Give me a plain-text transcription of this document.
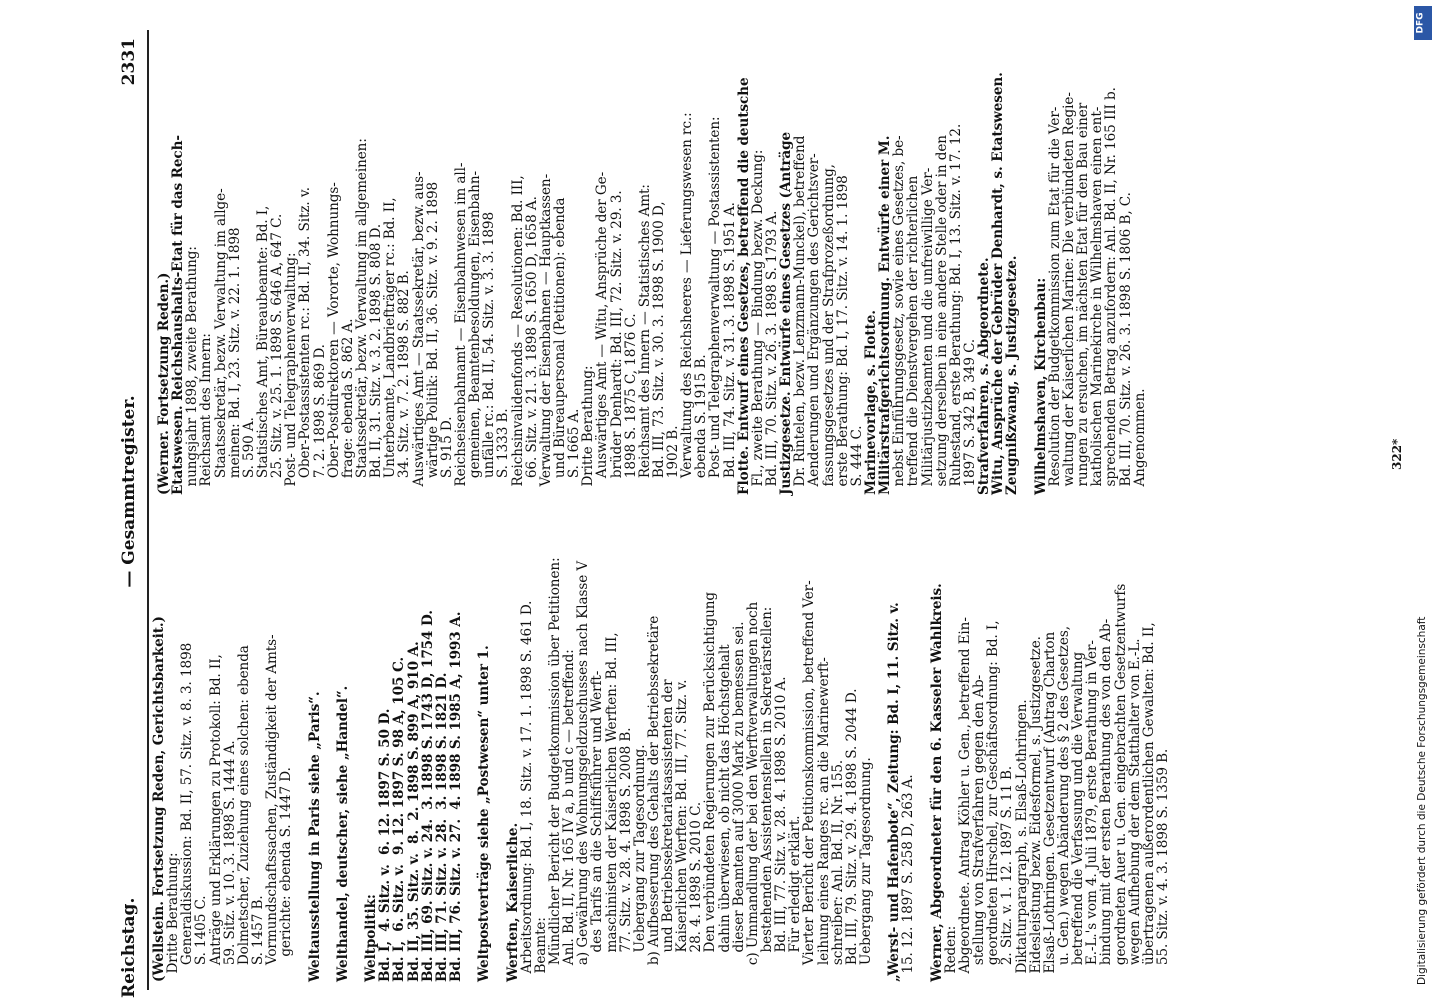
Reichstag.
— Gesammtregister.
2331
(Wellstein. Fortsetzung Reden, Gerichtsbarkeit.)
Dritte Berathung:
Generaldiskussion: Bd. II, 57. Sitz. v. 8. 3. 1898
S. 1405 C.
Anträge und Erklärungen zu Protokoll: Bd. II,
59. Sitz. v. 10. 3. 1898 S. 1444 A.
Dolmetscher, Zuziehung eines solchen: ebenda
S. 1457 B.
Vormundschaftssachen, Zuständigkeit der Amts-
gerichte: ebenda S. 1447 D. Weltausstellung in Paris siehe „Paris“. Welthandel, deutscher, siehe „Handel“. Weltpolitik:
Bd. I,  4. Sitz. v.  6. 12. 1897 S. 50 D.
Bd. I,  6. Sitz. v.  9. 12. 1897 S. 98 A, 105 C.
Bd. II, 35. Sitz. v.  8.  2. 1898 S. 899 A, 910 A.
Bd. III, 69. Sitz. v. 24.  3. 1898 S. 1743 D, 1754 D.
Bd. III, 71. Sitz. v. 28.  3. 1898 S. 1821 D.
Bd. III, 76. Sitz. v. 27.  4. 1898 S. 1985 A, 1993 A. Weltpostverträge siehe „Postwesen“ unter 1. Werften, Kaiserliche.
Arbeitsordnung: Bd. I, 18. Sitz. v. 17. 1. 1898 S. 461 D.
Beamte:
Mündlicher Bericht der Budgetkommission über Petitionen:
Anl. Bd. II, Nr. 165 IV a, b und c — betreffend:
a) Gewährung des Wohnungsgeldzuschusses nach Klasse V
des Tarifs an die Schiffsführer und Werft-
maschinisten der Kaiserlichen Werften: Bd. III,
77. Sitz. v. 28. 4. 1898 S. 2008 B.
Uebergang zur Tagesordnung.
b) Aufbesserung des Gehalts der Betriebssekretäre
und Betriebssekretariatsassistenten der
Kaiserlichen Werften: Bd. III, 77. Sitz. v.
28. 4. 1898 S. 2010 C.
Den verbündeten Regierungen zur Berücksichtigung
dahin überwiesen, ob nicht das Höchstgehalt
dieser Beamten auf 3000 Mark zu bemessen sei.
c) Ummandlung der bei den Werftverwaltungen noch
bestehenden Assistentenstellen in Sekretärstellen:
Bd. III, 77. Sitz. v. 28. 4. 1898 S. 2010 A.
Für erledigt erklärt.
Vierter Bericht der Petitionskommission, betreffend Ver-
leihung eines Ranges rc. an die Marinewerft-
schreiber: Anl. Bd. II, Nr. 155.
Bd. III, 79. Sitz. v. 29. 4. 1898 S. 2044 D.
Uebergang zur Tagesordnung. „Werst- und Hafenbote“, Zeitung: Bd. I, 11. Sitz. v.
15. 12. 1897 S. 258 D, 263 A. Werner, Abgeordneter für den 6. Kasseler Wahlkreis.
Reden:
Abgeordnete. Antrag Köhler u. Gen., betreffend Ein-
stellung von Strafverfahren gegen den Ab-
geordneten Hirschel, zur Geschäftsordnung: Bd. I,
2. Sitz. v. 1. 12. 1897 S. 11 B.
Diktaturparagraph, s. Elsaß-Lothringen.
Eidesleistung bezw. Eidesformel, s. Justizgesetze.
Elsaß-Lothringen. Gesetzentwurf (Antrag Charton
u. Gen.) wegen Abänderung des § 2 des Gesetzes,
betreffend die Verfassung und die Verwaltung
E.-L.'s vom 4. Juli 1879, erste Berathung in Ver-
bindung mit der ersten Berathung des von den Ab-
geordneten Auer u. Gen. eingebrachten Gesetzentwurfs
wegen Aufhebung der dem Statthalter von E.-L.
übertragenen außerordentlichen Gewalten: Bd. II,
55. Sitz. v. 4. 3. 1898 S. 1359 B.
(Werner. Fortsetzung Reden.)
Etatswesen. Reichshaushalts-Etat für das Rech-
nungsjahr 1898, zweite Berathung:
Reichsamt des Innern:
Staatssekretär, bezw. Verwaltung im allge-
meinen: Bd. I, 23. Sitz. v. 22. 1. 1898
S. 590 A.
Statistisches Amt, Büreaubeamte: Bd. I,
25. Sitz. v. 25. 1. 1898 S. 646 A, 647 C.
Post- und Telegraphenverwaltung:
Ober-Postassistenten rc.: Bd. II, 34. Sitz. v.
7. 2. 1898 S. 869 D.
Ober-Postdirektoren — Vororte, Wohnungs-
frage: ebenda S. 862 A.
Staatssekretär, bezw. Verwaltung im allgemeinen:
Bd. II, 31. Sitz. v. 3. 2. 1898 S. 808 D.
Unterbeamte, Landbriefträger rc.: Bd. II,
34. Sitz. v. 7. 2. 1898 S. 882 B.
Auswärtiges Amt — Staatssekretär, bezw. aus-
wärtige Politik: Bd. II, 36. Sitz. v. 9. 2. 1898
S. 915 D.
Reichseisenbahnamt — Eisenbahnwesen im all-
gemeinen, Beamtenbesoldungen, Eisenbahn-
unfälle rc.: Bd. II, 54. Sitz. v. 3. 3. 1898
S. 1333 B.
Reichsinvalidenfonds — Resolutionen: Bd. III,
66. Sitz. v. 21. 3. 1898 S. 1650 D, 1658 A.
Verwaltung der Eisenbahnen — Hauptkassen-
und Büreaupersonal (Petitionen): ebenda
S. 1665 A.
Dritte Berathung:
Auswärtiges Amt — Witu, Ansprüche der Ge-
brüder Denhardt: Bd. III, 72. Sitz. v. 29. 3.
1898 S. 1875 C, 1876 C.
Reichsamt des Innern — Statistisches Amt:
Bd. III, 73. Sitz. v. 30. 3. 1898 S. 1900 D,
1902 B.
Verwaltung des Reichsheeres — Lieferungswesen rc.:
ebenda S. 1915 B.
Post- und Telegraphenverwaltung — Postassistenten:
Bd. III, 74. Sitz. v. 31. 3. 1898 S. 1951 A.
Flotte. Entwurf eines Gesetzes, betreffend die deutsche
Fl., zweite Berathung — Bindung bezw. Deckung:
Bd. III, 70. Sitz. v. 26. 3. 1898 S. 1793 A.
Justizgesetze. Entwürfe eines Gesetzes (Anträge
Dr. Rintelen, bezw. Lenzmann-Munckel), betreffend
Aenderungen und Ergänzungen des Gerichtsver-
fassungsgesetzes und der Strafprozeßordnung,
erste Berathung: Bd. I, 17. Sitz. v. 14. 1. 1898
S. 444 C.
Marinevorlage, s. Flotte.
Militärstrafgerichtsordnung. Entwürfe einer M.
nebst Einführungsgesetz, sowie eines Gesetzes, be-
treffend die Dienstvergehen der richterlichen
Militärjustizbeamten und die unfreiwillige Ver-
setzung derselben in eine andere Stelle oder in den
Ruhestand, erste Berathung: Bd. I, 13. Sitz. v. 17. 12.
1897 S. 342 B, 349 C.
Strafverfahren, s. Abgeordnete.
Witu, Ansprüche der Gebrüder Denhardt, s. Etatswesen.
Zeugnißzwang, s. Justizgesetze. Wilhelmshaven, Kirchenbau:
Resolution der Budgetkommission zum Etat für die Ver-
waltung der Kaiserlichen Marine: Die verbündeten Regie-
rungen zu ersuchen, im nächsten Etat für den Bau einer
katholischen Marinekirche in Wilhelmshaven einen ent-
sprechenden Betrag anzufordern: Anl. Bd. II, Nr. 165 III b.
Bd. III, 70. Sitz. v. 26. 3. 1898 S. 1806 B, C.
Angenommen.	322*
Digitalisierung gefördert durch die Deutsche Forschungsgemeinschaft
DFG
